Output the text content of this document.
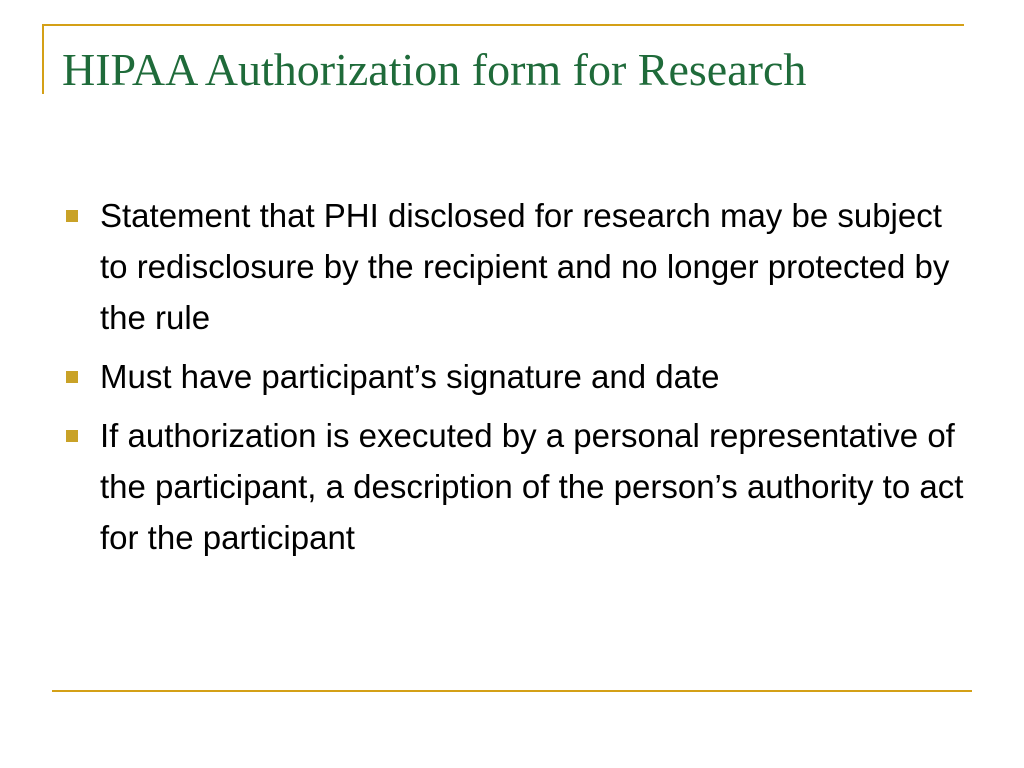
HIPAA Authorization form for Research
Statement that PHI disclosed for research may be subject to redisclosure by the recipient and no longer protected by the rule
Must have participant’s signature and date
If authorization is executed by a personal representative of the participant, a description of the person’s authority to act for the participant
